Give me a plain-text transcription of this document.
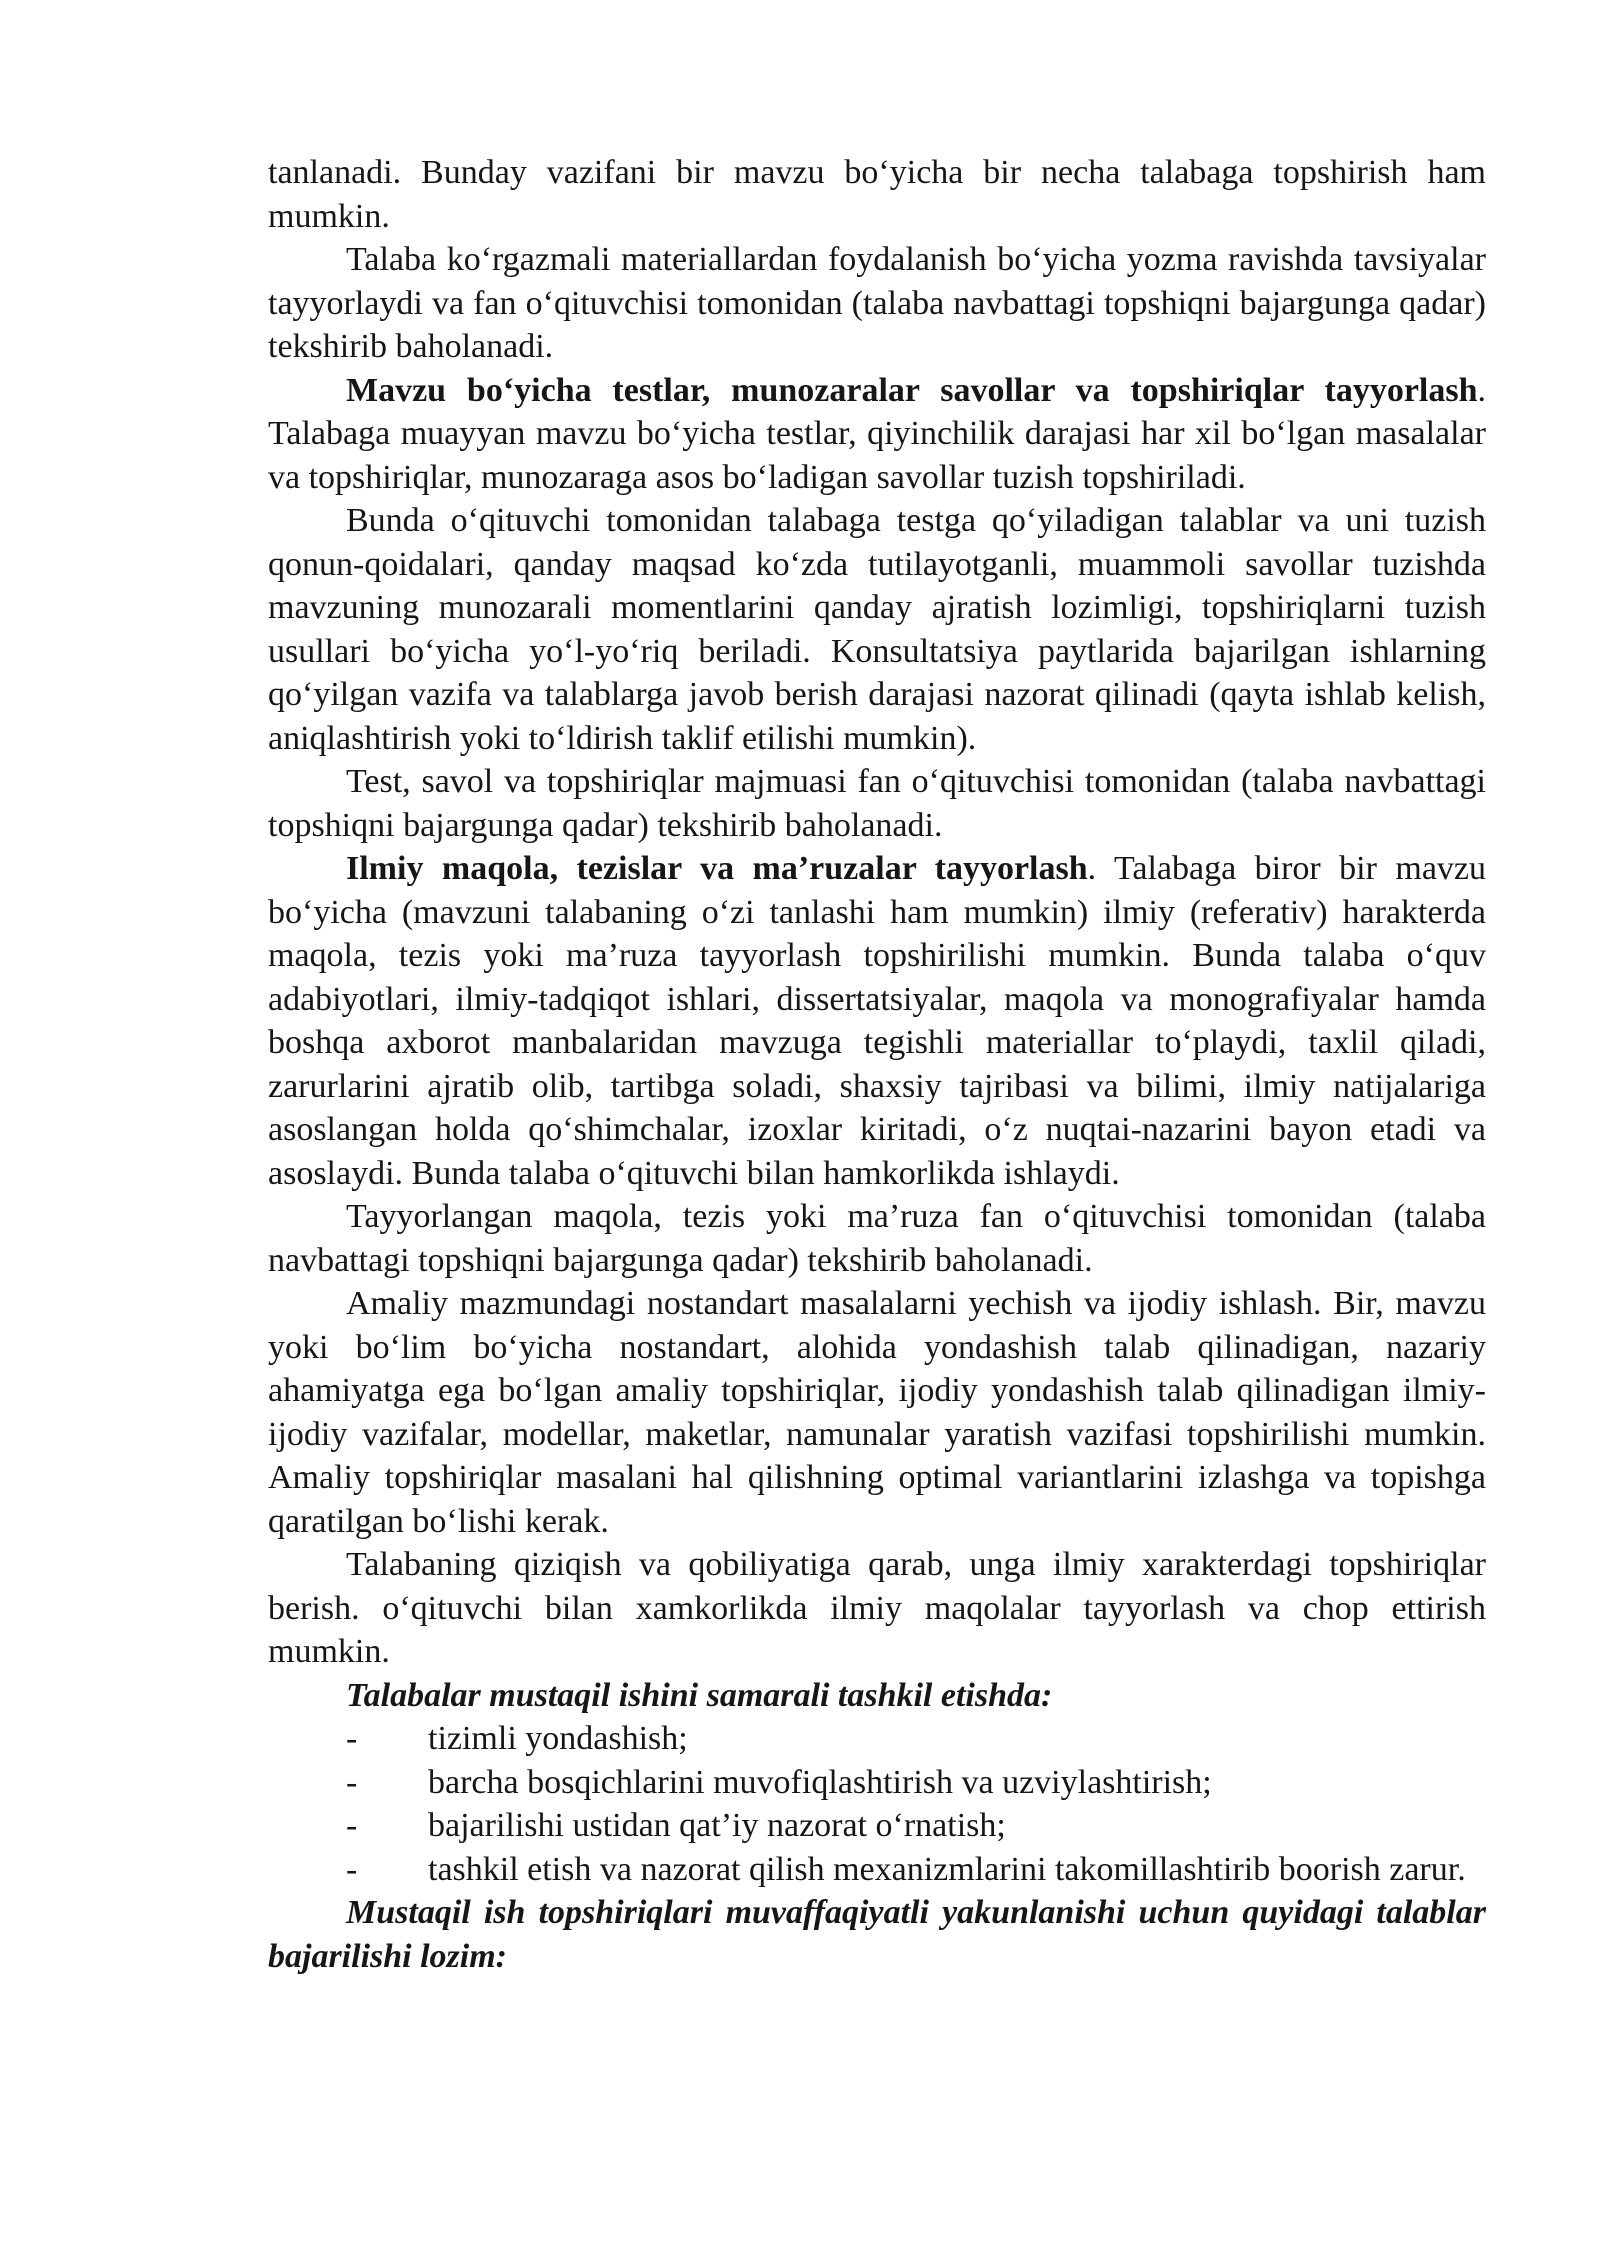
tanlanadi. Bunday vazifani bir mavzu bo‘yicha bir necha talabaga topshirish ham mumkin.

Talaba ko‘rgazmali materiallardan foydalanish bo‘yicha yozma ravishda tavsiyalar tayyorlaydi va fan o‘qituvchisi tomonidan (talaba navbattagi topshiqni bajargunga qadar) tekshirib baholanadi.

Mavzu bo‘yicha testlar, munozaralar savollar va topshiriqlar tayyorlash. Talabaga muayyan mavzu bo‘yicha testlar, qiyinchilik darajasi har xil bo‘lgan masalalar va topshiriqlar, munozaraga asos bo‘ladigan savollar tuzish topshiriladi.

Bunda o‘qituvchi tomonidan talabaga testga qo‘yiladigan talablar va uni tuzish qonun-qoidalari, qanday maqsad ko‘zda tutilayotganli, muammoli savollar tuzishda mavzuning munozarali momentlarini qanday ajratish lozimligi, topshiriqlarni tuzish usullari bo‘yicha yo‘l-yo‘riq beriladi. Konsultatsiya paytlarida bajarilgan ishlarning qo‘yilgan vazifa va talablarga javob berish darajasi nazorat qilinadi (qayta ishlab kelish, aniqlashtirish yoki to‘ldirish taklif etilishi mumkin).

Test, savol va topshiriqlar majmuasi fan o‘qituvchisi tomonidan (talaba navbattagi topshiqni bajargunga qadar) tekshirib baholanadi.

Ilmiy maqola, tezislar va ma’ruzalar tayyorlash. Talabaga biror bir mavzu bo‘yicha (mavzuni talabaning o‘zi tanlashi ham mumkin) ilmiy (referativ) harakterda maqola, tezis yoki ma’ruza tayyorlash topshirilishi mumkin. Bunda talaba o‘quv adabiyotlari, ilmiy-tadqiqot ishlari, dissertatsiyalar, maqola va monografiyalar hamda boshqa axborot manbalaridan mavzuga tegishli materiallar to‘playdi, taxlil qiladi, zarurlarini ajratib olib, tartibga soladi, shaxsiy tajribasi va bilimi, ilmiy natijalariga asoslangan holda qo‘shimchalar, izoxlar kiritadi, o‘z nuqtai-nazarini bayon etadi va asoslaydi. Bunda talaba o‘qituvchi bilan hamkorlikda ishlaydi.

Tayyorlangan maqola, tezis yoki ma’ruza fan o‘qituvchisi tomonidan (talaba navbattagi topshiqni bajargunga qadar) tekshirib baholanadi.

Amaliy mazmundagi nostandart masalalarni yechish va ijodiy ishlash. Bir, mavzu yoki bo‘lim bo‘yicha nostandart, alohida yondashish talab qilinadigan, nazariy ahamiyatga ega bo‘lgan amaliy topshiriqlar, ijodiy yondashish talab qilinadigan ilmiy-ijodiy vazifalar, modellar, maketlar, namunalar yaratish vazifasi topshirilishi mumkin. Amaliy topshiriqlar masalani hal qilishning optimal variantlarini izlashga va topishga qaratilgan bo‘lishi kerak.

Talabaning qiziqish va qobiliyatiga qarab, unga ilmiy xarakterdagi topshiriqlar berish. o‘qituvchi bilan xamkorlikda ilmiy maqolalar tayyorlash va chop ettirish mumkin.

Talabalar mustaqil ishini samarali tashkil etishda:

- tizimli yondashish;

- barcha bosqichlarini muvofiqlashtirish va uzviylashtirish;

- bajarilishi ustidan qat’iy nazorat o‘rnatish;

- tashkil etish va nazorat qilish mexanizmlarini takomillashtirib boorish zarur.

Mustaqil ish topshiriqlari muvaffaqiyatli yakunlanishi uchun quyidagi talablar bajarilishi lozim:
